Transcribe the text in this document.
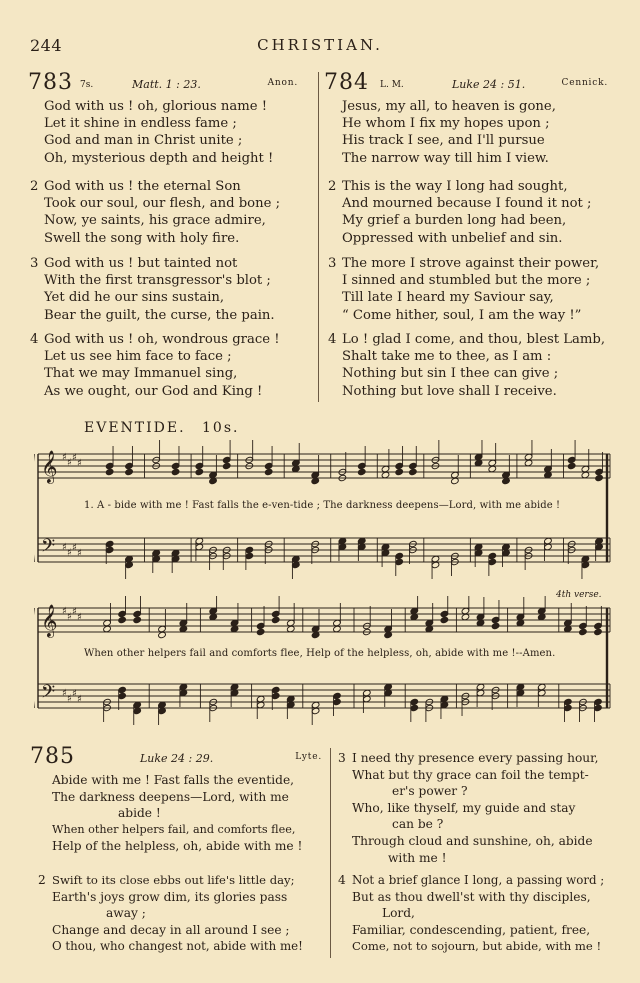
244	CHRISTIAN.
783 7s.	Matt. 1 : 23.	Anon.
God with us ! oh, glorious name !
Let it shine in endless fame ;
God and man in Christ unite ;
Oh, mysterious depth and height !
2 God with us ! the eternal Son
Took our soul, our flesh, and bone ;
Now, ye saints, his grace admire,
Swell the song with holy fire.
3 God with us ! but tainted not
With the first transgressor's blot ;
Yet did he our sins sustain,
Bear the guilt, the curse, the pain.
4 God with us ! oh, wondrous grace !
Let us see him face to face ;
That we may Immanuel sing,
As we ought, our God and King !
784 L. M.	Luke 24 : 51.	Cennick.
Jesus, my all, to heaven is gone,
He whom I fix my hopes upon ;
His track I see, and I'll pursue
The narrow way till him I view.
2 This is the way I long had sought,
And mourned because I found it not ;
My grief a burden long had been,
Oppressed with unbelief and sin.
3 The more I strove against their power,
I sinned and stumbled but the more ;
Till late I heard my Saviour say,
“ Come hither, soul, I am the way !”
4 Lo ! glad I come, and thou, blest Lamb,
Shalt take me to thee, as I am :
Nothing but sin I thee can give ;
Nothing but love shall I receive.
EVENTIDE. 10s.
𝄞
𝄢
♯
♯
♯
♯
♯
♯
♯
♯
1. A - bide with me ! Fast falls the e-ven-tide ; The darkness deepens—Lord, with me abide !
4th verse.
𝄞
𝄢
♯
♯
♯
♯
♯
♯
♯
♯
When other helpers fail and comforts flee, Help of the helpless, oh, abide with me !--Amen.
785	Luke 24 : 29.	Lyte.
Abide with me ! Fast falls the eventide,
The darkness deepens—Lord, with me
abide !
When other helpers fail, and comforts flee,
Help of the helpless, oh, abide with me !
2 Swift to its close ebbs out life's little day;
Earth's joys grow dim, its glories pass
away ;
Change and decay in all around I see ;
O thou, who changest not, abide with me!
3 I need thy presence every passing hour,
What but thy grace can foil the tempt-
er's power ?
Who, like thyself, my guide and stay
can be ?
Through cloud and sunshine, oh, abide
with me !
4 Not a brief glance I long, a passing word ;
But as thou dwell'st with thy disciples,
Lord,
Familiar, condescending, patient, free,
Come, not to sojourn, but abide, with me !
